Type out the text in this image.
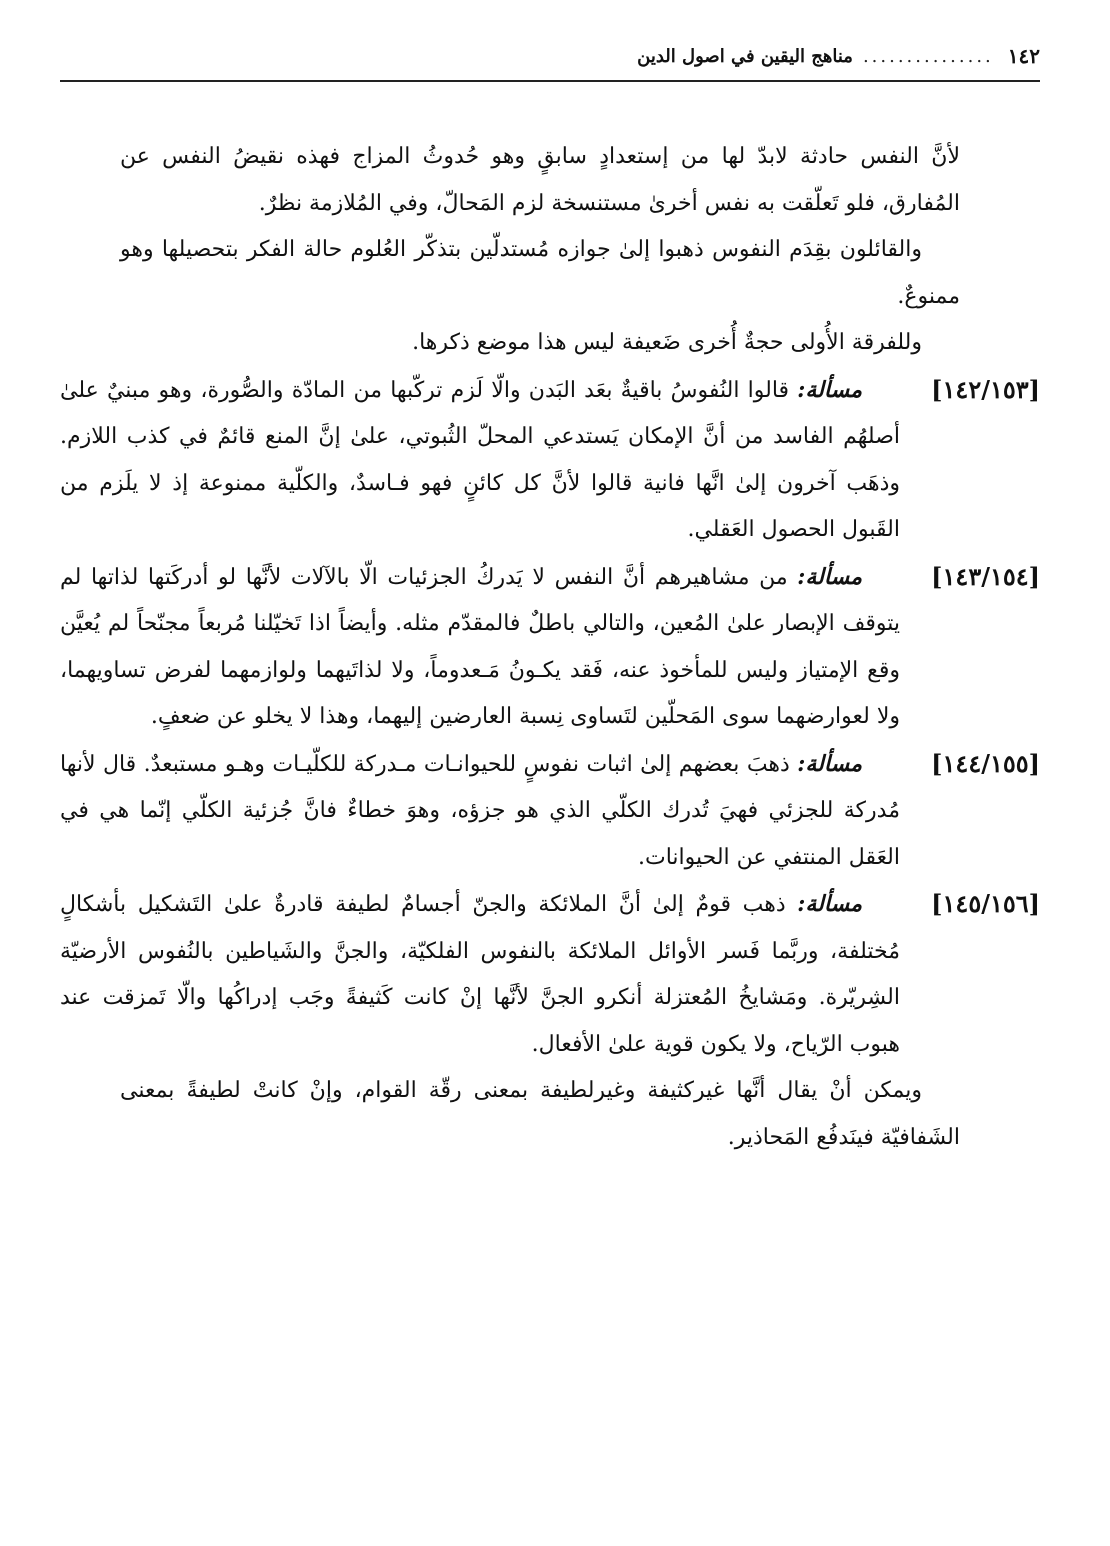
١٤٢
...............
مناهج اليقين في اصول الدين

لأنَّ النفس حادثة لابدّ لها من إستعدادٍ سابقٍ وهو حُدوثُ المزاج فهذه نقيضُ النفس عن المُفارق، فلو تَعلّقت به نفس أخرىٰ مستنسخة لزم المَحالّ، وفي المُلازمة نظرٌ.

والقائلون بقِدَم النفوس ذهبوا إلىٰ جوازه مُستدلّين بتذكّر العُلوم حالة الفكر بتحصيلها وهو ممنوعٌ.

وللفرقة الأُولى حجةٌ أُخرى ضَعيفة ليس هذا موضع ذكرها.

[١٤٢/١٥٣]

مسألة: قالوا النُفوسُ باقيةٌ بعَد البَدن والّا لَزم تركّبها من المادّة والصُّورة، وهو مبنيٌ علىٰ أصلهُم الفاسد من أنَّ الإمكان يَستدعي المحلّ الثُبوتي، علىٰ إنَّ المنع قائمٌ في كذب اللازم. وذهَب آخرون إلىٰ انَّها فانية قالوا لأنَّ كل كائنٍ فهو فـاسدٌ، والكلّية ممنوعة إذ لا يلَزم من القَبول الحصول العَقلي.

[١٤٣/١٥٤]

مسألة: من مشاهيرهم أنَّ النفس لا يَدركُ الجزئيات الّا بالآلات لأنَّها لو أدركَتها لذاتها لم يتوقف الإبصار علىٰ المُعين، والتالي باطلٌ فالمقدّم مثله. وأيضاً اذا تَخيّلنا مُربعاً مجنّحاً لم يُعيَّن وقع الإمتياز وليس للمأخوذ عنه، فَقد يكـونُ مَـعدوماً، ولا لذاتَيهما ولوازمهما لفرض تساويهما، ولا لعوارضهما سوى المَحلّين لتَساوى نِسبة العارضين إليهما، وهذا لا يخلو عن ضعفٍ.

[١٤٤/١٥٥]

مسألة: ذهبَ بعضهم إلىٰ اثبات نفوسٍ للحيوانـات مـدركة للكلّيـات وهـو مستبعدٌ. قال لأنها مُدركة للجزئي فهيَ تُدرك الكلّي الذي هو جزؤه، وهوَ خطاءٌ فانَّ جُزئية الكلّي إنّما هي في العَقل المنتفي عن الحيوانات.

[١٤٥/١٥٦]

مسألة: ذهب قومٌ إلىٰ أنَّ الملائكة والجنّ أجسامٌ لطيفة قادرةٌ علىٰ التَشكيل بأشكالٍ مُختلفة، وربَّما فَسر الأوائل الملائكة بالنفوس الفلكيّة، والجنَّ والشَياطين بالنُفوس الأرضيّة الشِريّرة. ومَشايخُ المُعتزلة أنكرو الجنَّ لأنَّها إنْ كانت كَثيفةً وجَب إدراكُها والّا تَمزقت عند هبوب الرّياح، ولا يكون قوية علىٰ الأفعال.

ويمكن أنْ يقال أنَّها غيركثيفة وغيرلطيفة بمعنى رقّة القوام، وإنْ كانتْ لطيفةً بمعنى الشَفافيّة فينَدفُع المَحاذير.
